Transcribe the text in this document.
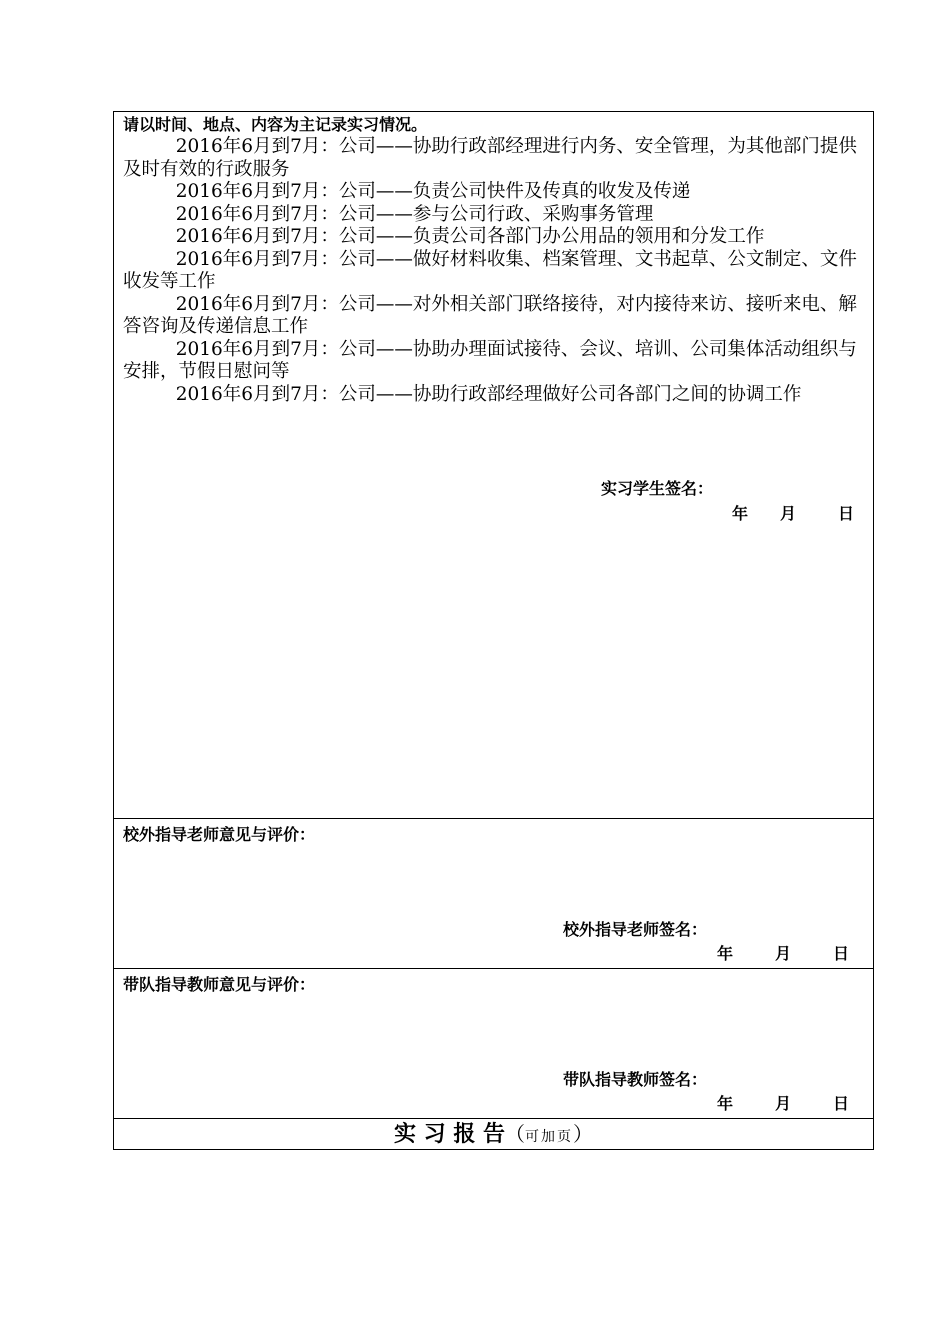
请以时间、地点、内容为主记录实习情况。

2016年6月到7月：公司——协助行政部经理进行内务、安全管理，为其他部门提供及时有效的行政服务

2016年6月到7月：公司——负责公司快件及传真的收发及传递

2016年6月到7月：公司——参与公司行政、采购事务管理

2016年6月到7月：公司——负责公司各部门办公用品的领用和分发工作

2016年6月到7月：公司——做好材料收集、档案管理、文书起草、公文制定、文件收发等工作

2016年6月到7月：公司——对外相关部门联络接待，对内接待来访、接听来电、解答咨询及传递信息工作

2016年6月到7月：公司——协助办理面试接待、会议、培训、公司集体活动组织与安排，节假日慰问等

2016年6月到7月：公司——协助行政部经理做好公司各部门之间的协调工作

实习学生签名：
年 月	日
校外指导老师意见与评价：
校外指导老师签名：
年	月	日
带队指导教师意见与评价：
带队指导教师签名：
年	月	日
实 习 报 告（可加页）
